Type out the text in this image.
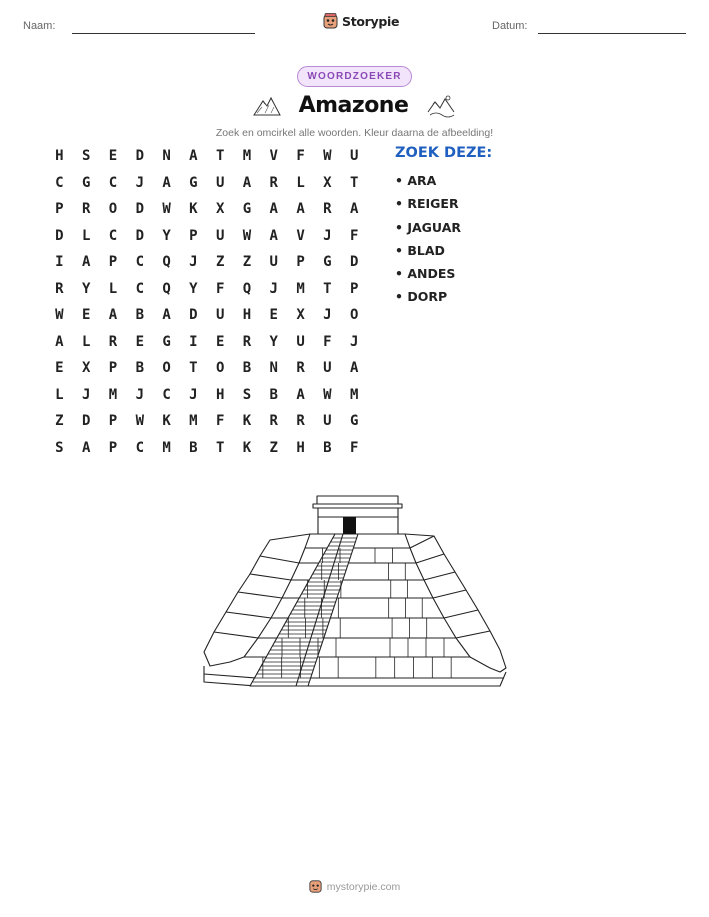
Naam:	Storypie	Datum:
WOORDZOEKER
Amazone
Zoek en omcirkel alle woorden. Kleur daarna de afbeelding!
H	S	E	D	N	A	T	M	V	F	W	U
C	G	C	J	A	G	U	A	R	L	X	T
P	R	O	D	W	K	X	G	A	A	R	A
D	L	C	D	Y	P	U	W	A	V	J	F
I	A	P	C	Q	J	Z	Z	U	P	G	D
R	Y	L	C	Q	Y	F	Q	J	M	T	P
W	E	A	B	A	D	U	H	E	X	J	O
A	L	R	E	G	I	E	R	Y	U	F	J
E	X	P	B	O	T	O	B	N	R	U	A
L	J	M	J	C	J	H	S	B	A	W	M
Z	D	P	W	K	M	F	K	R	R	U	G
S	A	P	C	M	B	T	K	Z	H	B	F
ZOEK DEZE:
• ARA
• REIGER
• JAGUAR
• BLAD
• ANDES
• DORP
mystorypie.com
